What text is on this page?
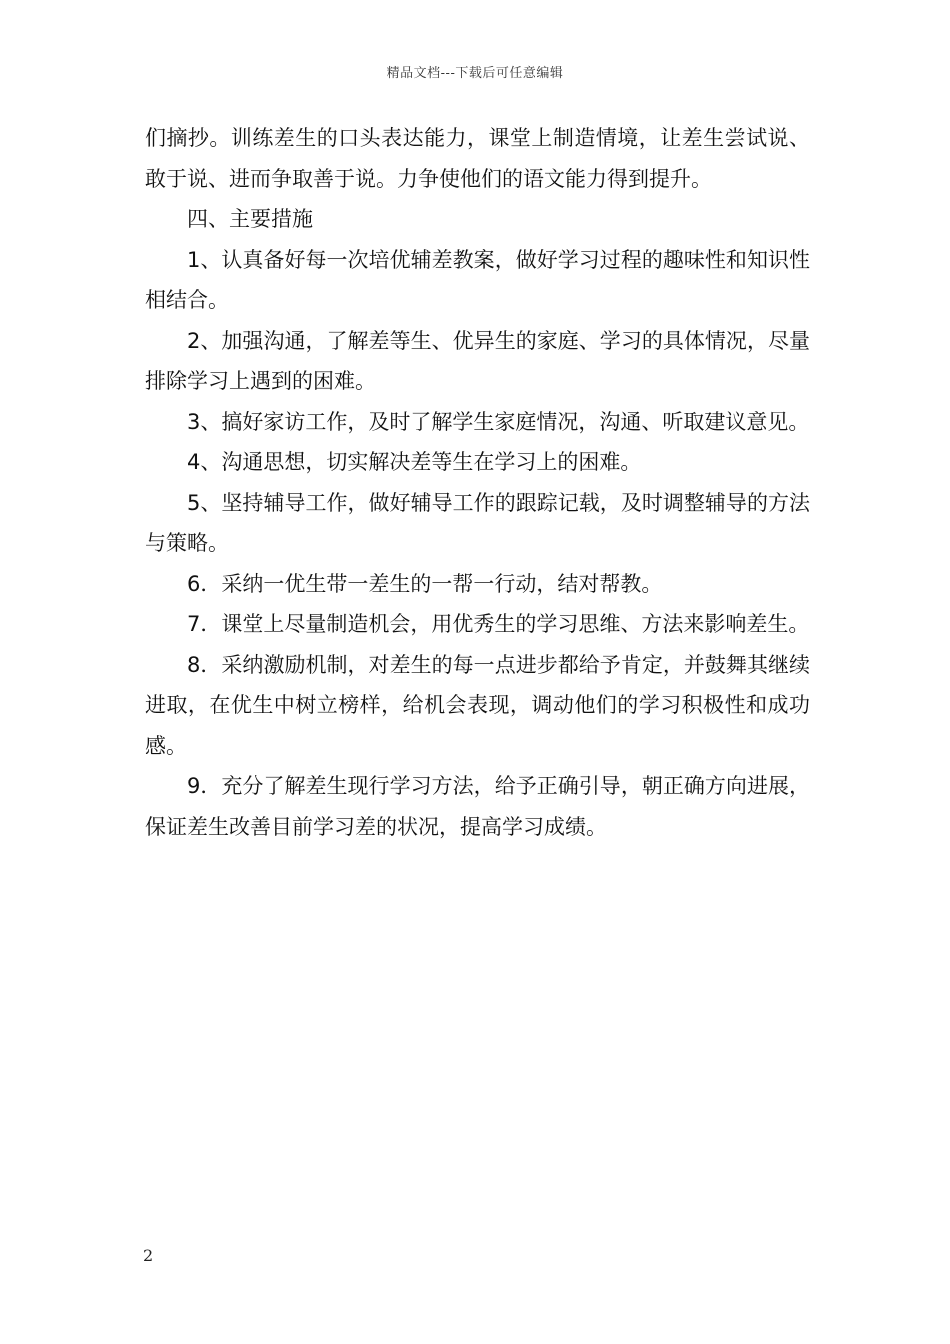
精品文档---下载后可任意编辑

们摘抄。训练差生的口头表达能力，课堂上制造情境，让差生尝试说、敢于说、进而争取善于说。力争使他们的语文能力得到提升。

四、主要措施

1、认真备好每一次培优辅差教案，做好学习过程的趣味性和知识性相结合。

2、加强沟通，了解差等生、优异生的家庭、学习的具体情况，尽量排除学习上遇到的困难。

3、搞好家访工作，及时了解学生家庭情况，沟通、听取建议意见。

4、沟通思想，切实解决差等生在学习上的困难。

5、坚持辅导工作，做好辅导工作的跟踪记载，及时调整辅导的方法与策略。

6．采纳一优生带一差生的一帮一行动，结对帮教。

7．课堂上尽量制造机会，用优秀生的学习思维、方法来影响差生。

8．采纳激励机制，对差生的每一点进步都给予肯定，并鼓舞其继续进取，在优生中树立榜样，给机会表现，调动他们的学习积极性和成功感。

9．充分了解差生现行学习方法，给予正确引导，朝正确方向进展，保证差生改善目前学习差的状况，提高学习成绩。

2
